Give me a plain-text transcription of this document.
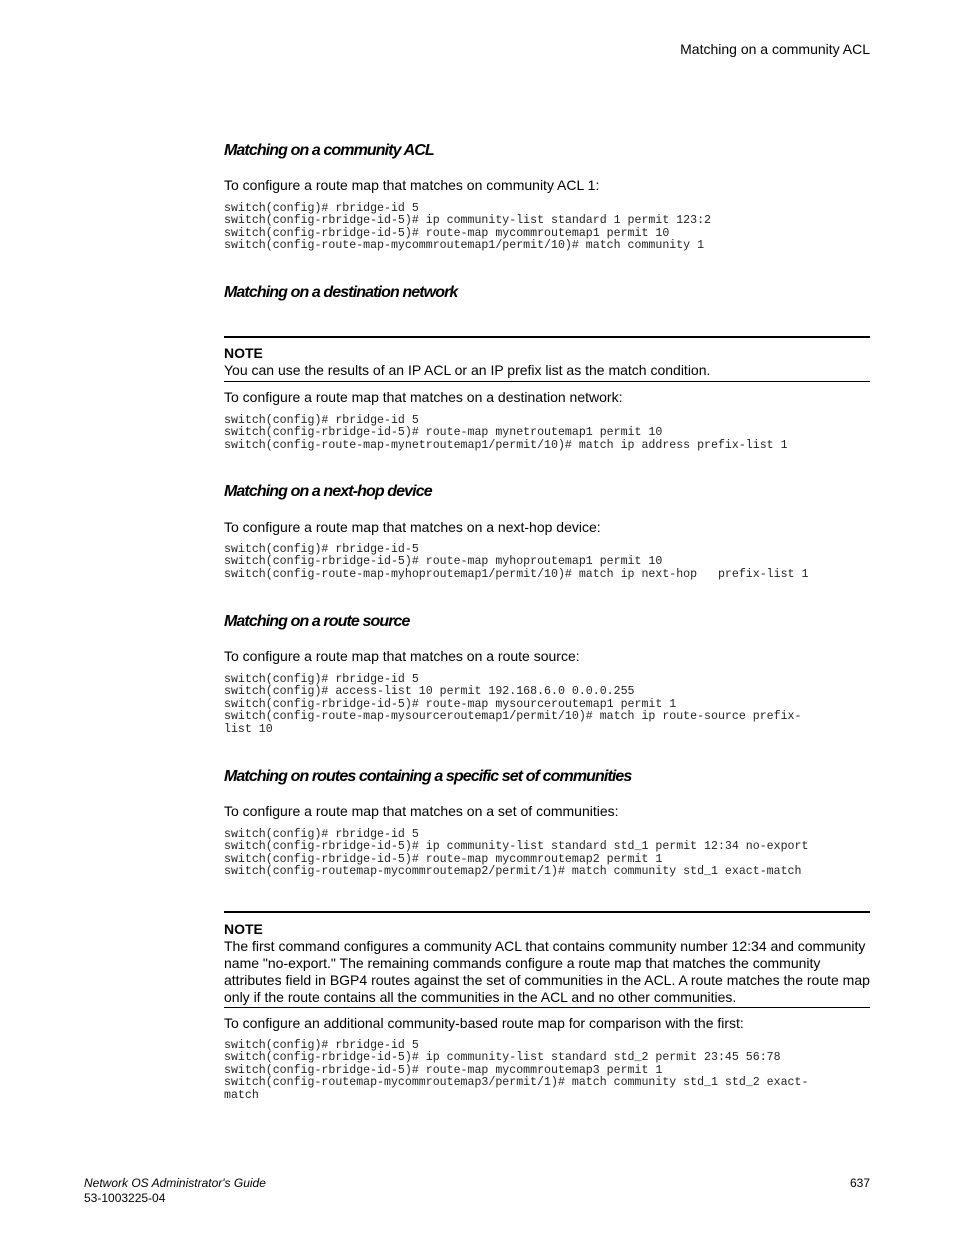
Matching on a community ACL
Matching on a community ACL
To configure a route map that matches on community ACL 1:
switch(config)# rbridge-id 5
switch(config-rbridge-id-5)# ip community-list standard 1 permit 123:2
switch(config-rbridge-id-5)# route-map mycommroutemap1 permit 10
switch(config-route-map-mycommroutemap1/permit/10)# match community 1
Matching on a destination network
NOTE
You can use the results of an IP ACL or an IP prefix list as the match condition.
To configure a route map that matches on a destination network:
switch(config)# rbridge-id 5
switch(config-rbridge-id-5)# route-map mynetroutemap1 permit 10
switch(config-route-map-mynetroutemap1/permit/10)# match ip address prefix-list 1
Matching on a next-hop device
To configure a route map that matches on a next-hop device:
switch(config)# rbridge-id-5
switch(config-rbridge-id-5)# route-map myhoproutemap1 permit 10
switch(config-route-map-myhoproutemap1/permit/10)# match ip next-hop   prefix-list 1
Matching on a route source
To configure a route map that matches on a route source:
switch(config)# rbridge-id 5
switch(config)# access-list 10 permit 192.168.6.0 0.0.0.255
switch(config-rbridge-id-5)# route-map mysourceroutemap1 permit 1
switch(config-route-map-mysourceroutemap1/permit/10)# match ip route-source prefix-
list 10
Matching on routes containing a specific set of communities
To configure a route map that matches on a set of communities:
switch(config)# rbridge-id 5
switch(config-rbridge-id-5)# ip community-list standard std_1 permit 12:34 no-export
switch(config-rbridge-id-5)# route-map mycommroutemap2 permit 1
switch(config-routemap-mycommroutemap2/permit/1)# match community std_1 exact-match
NOTE
The first command configures a community ACL that contains community number 12:34 and community name "no-export." The remaining commands configure a route map that matches the community attributes field in BGP4 routes against the set of communities in the ACL. A route matches the route map only if the route contains all the communities in the ACL and no other communities.
To configure an additional community-based route map for comparison with the first:
switch(config)# rbridge-id 5
switch(config-rbridge-id-5)# ip community-list standard std_2 permit 23:45 56:78
switch(config-rbridge-id-5)# route-map mycommroutemap3 permit 1
switch(config-routemap-mycommroutemap3/permit/1)# match community std_1 std_2 exact-
match
Network OS Administrator's Guide
53-1003225-04
637
